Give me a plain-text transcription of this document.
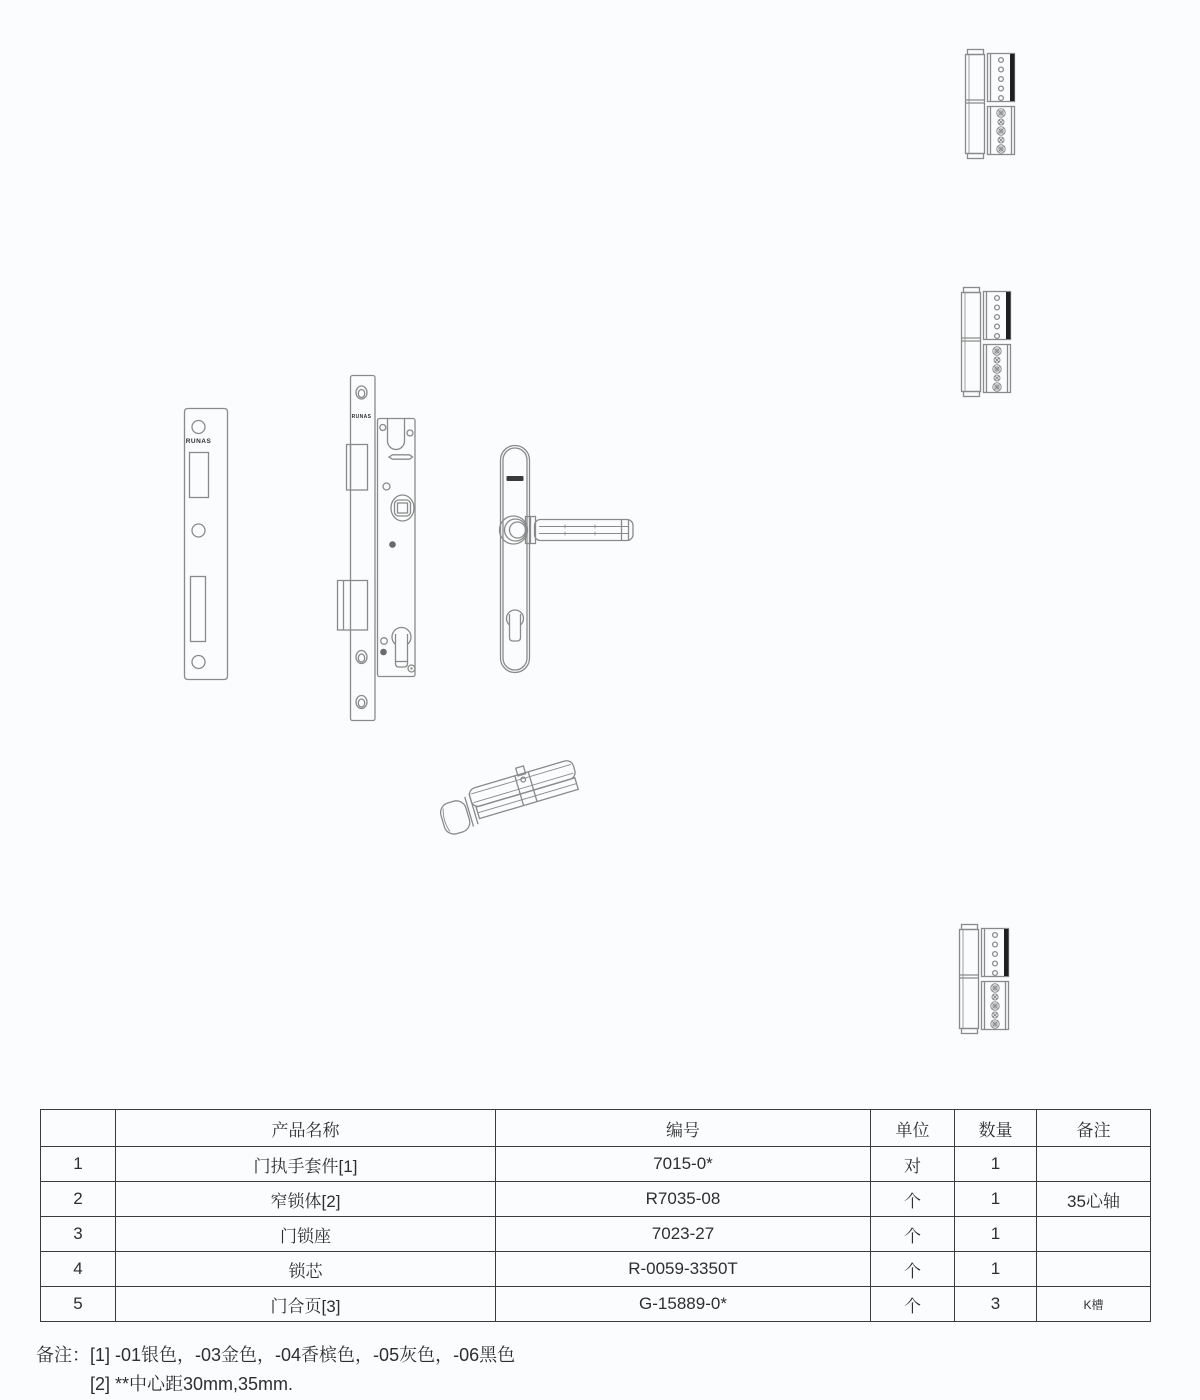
RUNAS
RUNAS
	产品名称	编号	单位	数量	备注
1	门执手套件[1]	7015-0*	对	1	
2	窄锁体[2]	R7035-08	个	1	35心轴
3	门锁座	7023-27	个	1	
4	锁芯	R-0059-3350T	个	1	
5	门合页[3]	G-15889-0*	个	3	K槽
备注： [1] -01银色，-03金色，-04香槟色，-05灰色，-06黑色
[2] **中心距30mm,35mm.
